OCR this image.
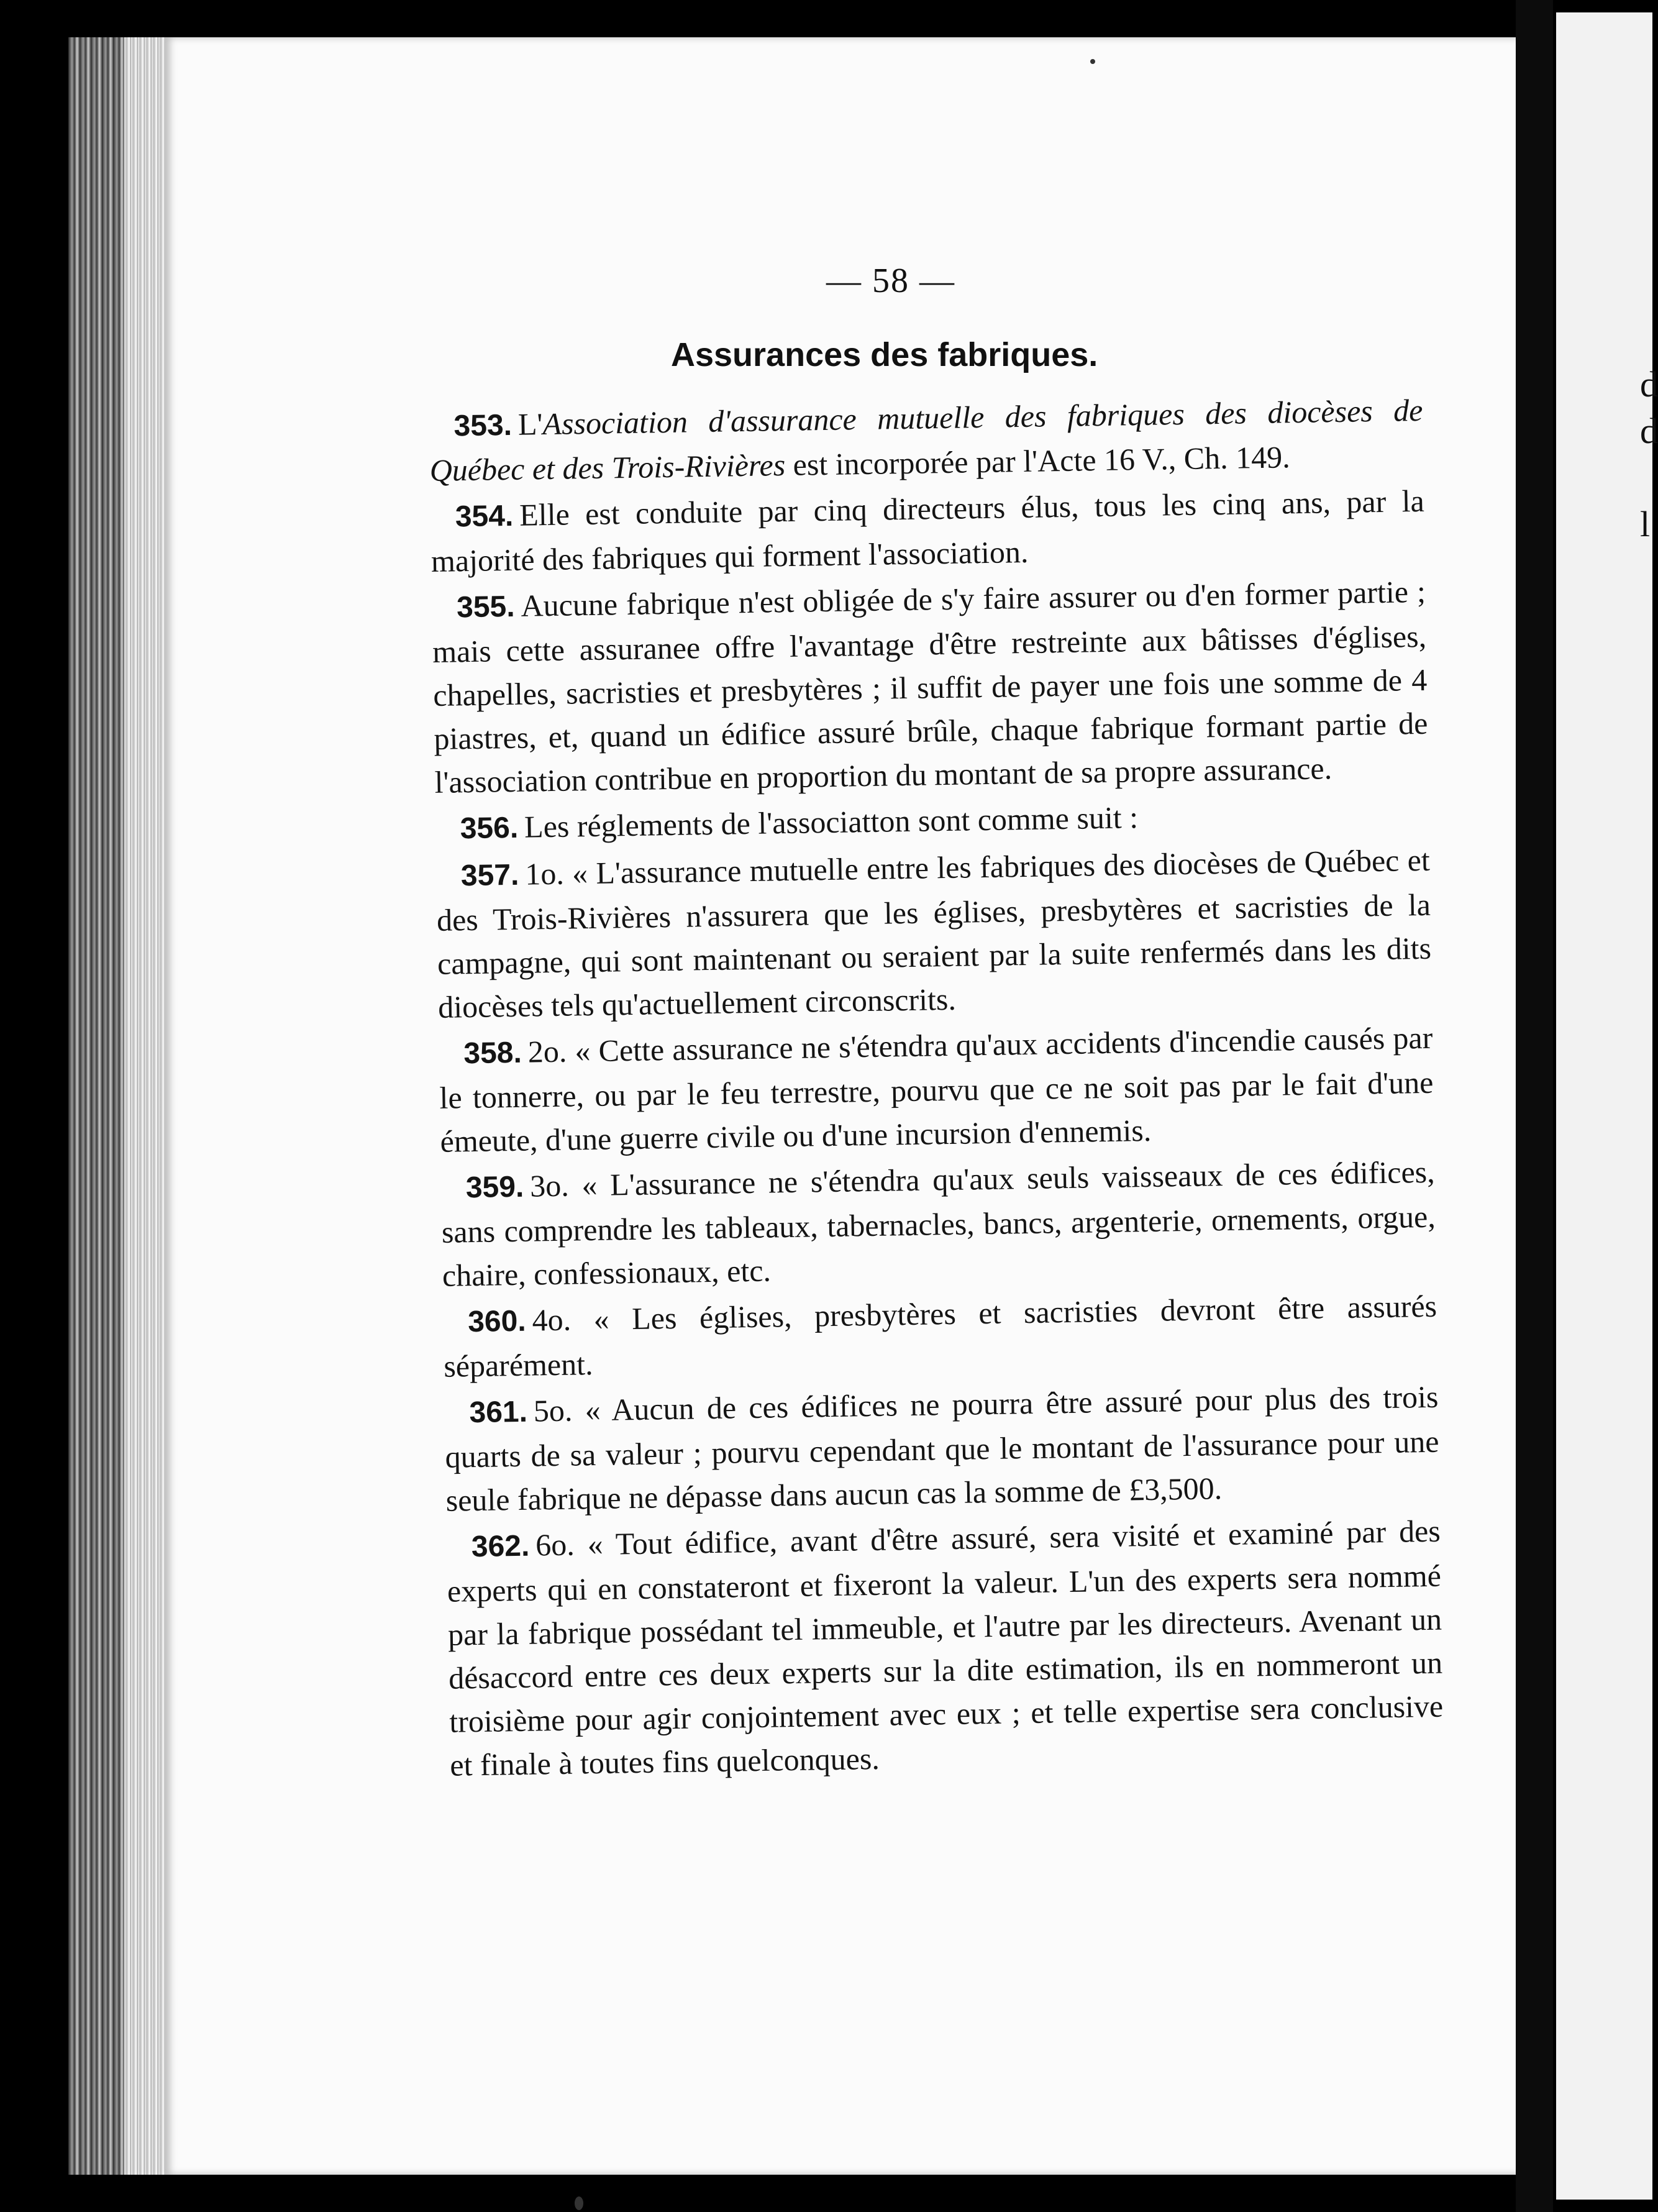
d
d
l
— 58 —
Assurances des fabriques.

353. L'Association d'assurance mutuelle des fabriques des diocèses de Québec et des Trois-Rivières est incorporée par l'Acte 16 V., Ch. 149.

354. Elle est conduite par cinq directeurs élus, tous les cinq ans, par la majorité des fabriques qui forment l'association.

355. Aucune fabrique n'est obligée de s'y faire assurer ou d'en former partie ; mais cette assuranee offre l'avantage d'être restreinte aux bâtisses d'églises, chapelles, sacristies et presbytères ; il suffit de payer une fois une somme de 4 piastres, et, quand un édifice assuré brûle, chaque fabrique formant partie de l'association contribue en proportion du montant de sa propre assurance.

356. Les réglements de l'associatton sont comme suit :

357. 1o. « L'assurance mutuelle entre les fabriques des diocèses de Québec et des Trois-Rivières n'assurera que les églises, presbytères et sacristies de la campagne, qui sont maintenant ou seraient par la suite renfermés dans les dits diocèses tels qu'actuellement circonscrits.

358. 2o. « Cette assurance ne s'étendra qu'aux accidents d'incendie causés par le tonnerre, ou par le feu terrestre, pourvu que ce ne soit pas par le fait d'une émeute, d'une guerre civile ou d'une incursion d'ennemis.

359. 3o. « L'assurance ne s'étendra qu'aux seuls vaisseaux de ces édifices, sans comprendre les tableaux, tabernacles, bancs, argenterie, ornements, orgue, chaire, confessionaux, etc.

360. 4o. « Les églises, presbytères et sacristies devront être assurés séparément.

361. 5o. « Aucun de ces édifices ne pourra être assuré pour plus des trois quarts de sa valeur ; pourvu cependant que le montant de l'assurance pour une seule fabrique ne dépasse dans aucun cas la somme de £3,500.

362. 6o. « Tout édifice, avant d'être assuré, sera visité et examiné par des experts qui en constateront et fixeront la valeur. L'un des experts sera nommé par la fabrique possédant tel immeuble, et l'autre par les directeurs. Avenant un désaccord entre ces deux experts sur la dite estimation, ils en nommeront un troisième pour agir conjointement avec eux ; et telle expertise sera conclusive et finale à toutes fins quelconques.
